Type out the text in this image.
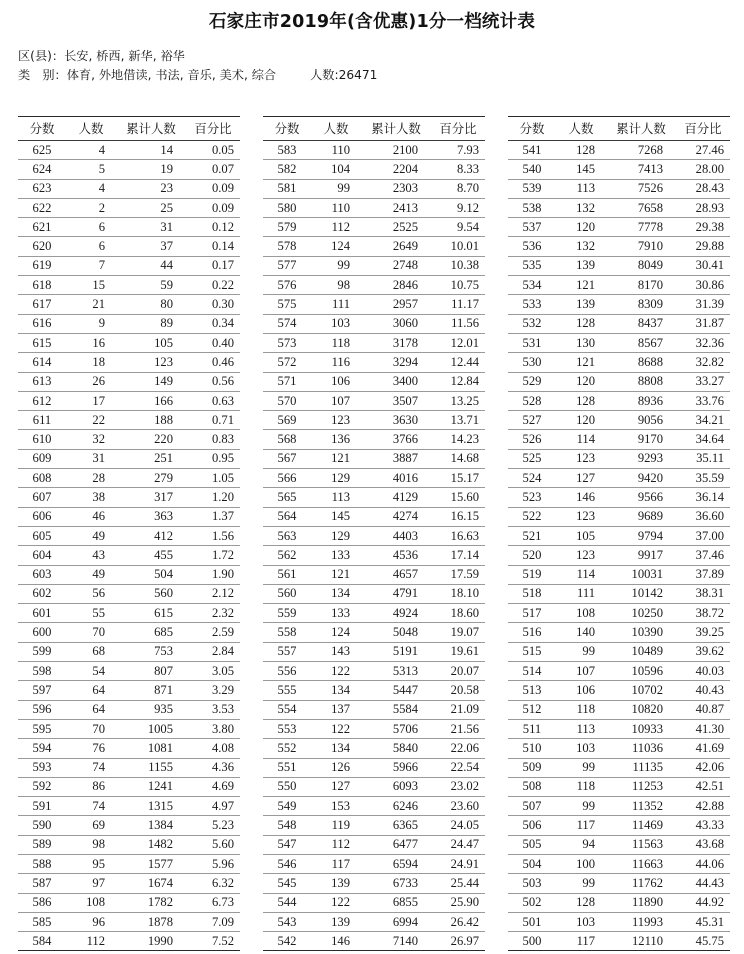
石家庄市2019年(含优惠)1分一档统计表
区(县)：长安, 桥西, 新华, 裕华
类　别：体育, 外地借读, 书法, 音乐, 美术, 综合	人数:26471
分数	人数	累计人数	百分比
625	4	14	0.05
624	5	19	0.07
623	4	23	0.09
622	2	25	0.09
621	6	31	0.12
620	6	37	0.14
619	7	44	0.17
618	15	59	0.22
617	21	80	0.30
616	9	89	0.34
615	16	105	0.40
614	18	123	0.46
613	26	149	0.56
612	17	166	0.63
611	22	188	0.71
610	32	220	0.83
609	31	251	0.95
608	28	279	1.05
607	38	317	1.20
606	46	363	1.37
605	49	412	1.56
604	43	455	1.72
603	49	504	1.90
602	56	560	2.12
601	55	615	2.32
600	70	685	2.59
599	68	753	2.84
598	54	807	3.05
597	64	871	3.29
596	64	935	3.53
595	70	1005	3.80
594	76	1081	4.08
593	74	1155	4.36
592	86	1241	4.69
591	74	1315	4.97
590	69	1384	5.23
589	98	1482	5.60
588	95	1577	5.96
587	97	1674	6.32
586	108	1782	6.73
585	96	1878	7.09
584	112	1990	7.52
分数	人数	累计人数	百分比
583	110	2100	7.93
582	104	2204	8.33
581	99	2303	8.70
580	110	2413	9.12
579	112	2525	9.54
578	124	2649	10.01
577	99	2748	10.38
576	98	2846	10.75
575	111	2957	11.17
574	103	3060	11.56
573	118	3178	12.01
572	116	3294	12.44
571	106	3400	12.84
570	107	3507	13.25
569	123	3630	13.71
568	136	3766	14.23
567	121	3887	14.68
566	129	4016	15.17
565	113	4129	15.60
564	145	4274	16.15
563	129	4403	16.63
562	133	4536	17.14
561	121	4657	17.59
560	134	4791	18.10
559	133	4924	18.60
558	124	5048	19.07
557	143	5191	19.61
556	122	5313	20.07
555	134	5447	20.58
554	137	5584	21.09
553	122	5706	21.56
552	134	5840	22.06
551	126	5966	22.54
550	127	6093	23.02
549	153	6246	23.60
548	119	6365	24.05
547	112	6477	24.47
546	117	6594	24.91
545	139	6733	25.44
544	122	6855	25.90
543	139	6994	26.42
542	146	7140	26.97
分数	人数	累计人数	百分比
541	128	7268	27.46
540	145	7413	28.00
539	113	7526	28.43
538	132	7658	28.93
537	120	7778	29.38
536	132	7910	29.88
535	139	8049	30.41
534	121	8170	30.86
533	139	8309	31.39
532	128	8437	31.87
531	130	8567	32.36
530	121	8688	32.82
529	120	8808	33.27
528	128	8936	33.76
527	120	9056	34.21
526	114	9170	34.64
525	123	9293	35.11
524	127	9420	35.59
523	146	9566	36.14
522	123	9689	36.60
521	105	9794	37.00
520	123	9917	37.46
519	114	10031	37.89
518	111	10142	38.31
517	108	10250	38.72
516	140	10390	39.25
515	99	10489	39.62
514	107	10596	40.03
513	106	10702	40.43
512	118	10820	40.87
511	113	10933	41.30
510	103	11036	41.69
509	99	11135	42.06
508	118	11253	42.51
507	99	11352	42.88
506	117	11469	43.33
505	94	11563	43.68
504	100	11663	44.06
503	99	11762	44.43
502	128	11890	44.92
501	103	11993	45.31
500	117	12110	45.75
